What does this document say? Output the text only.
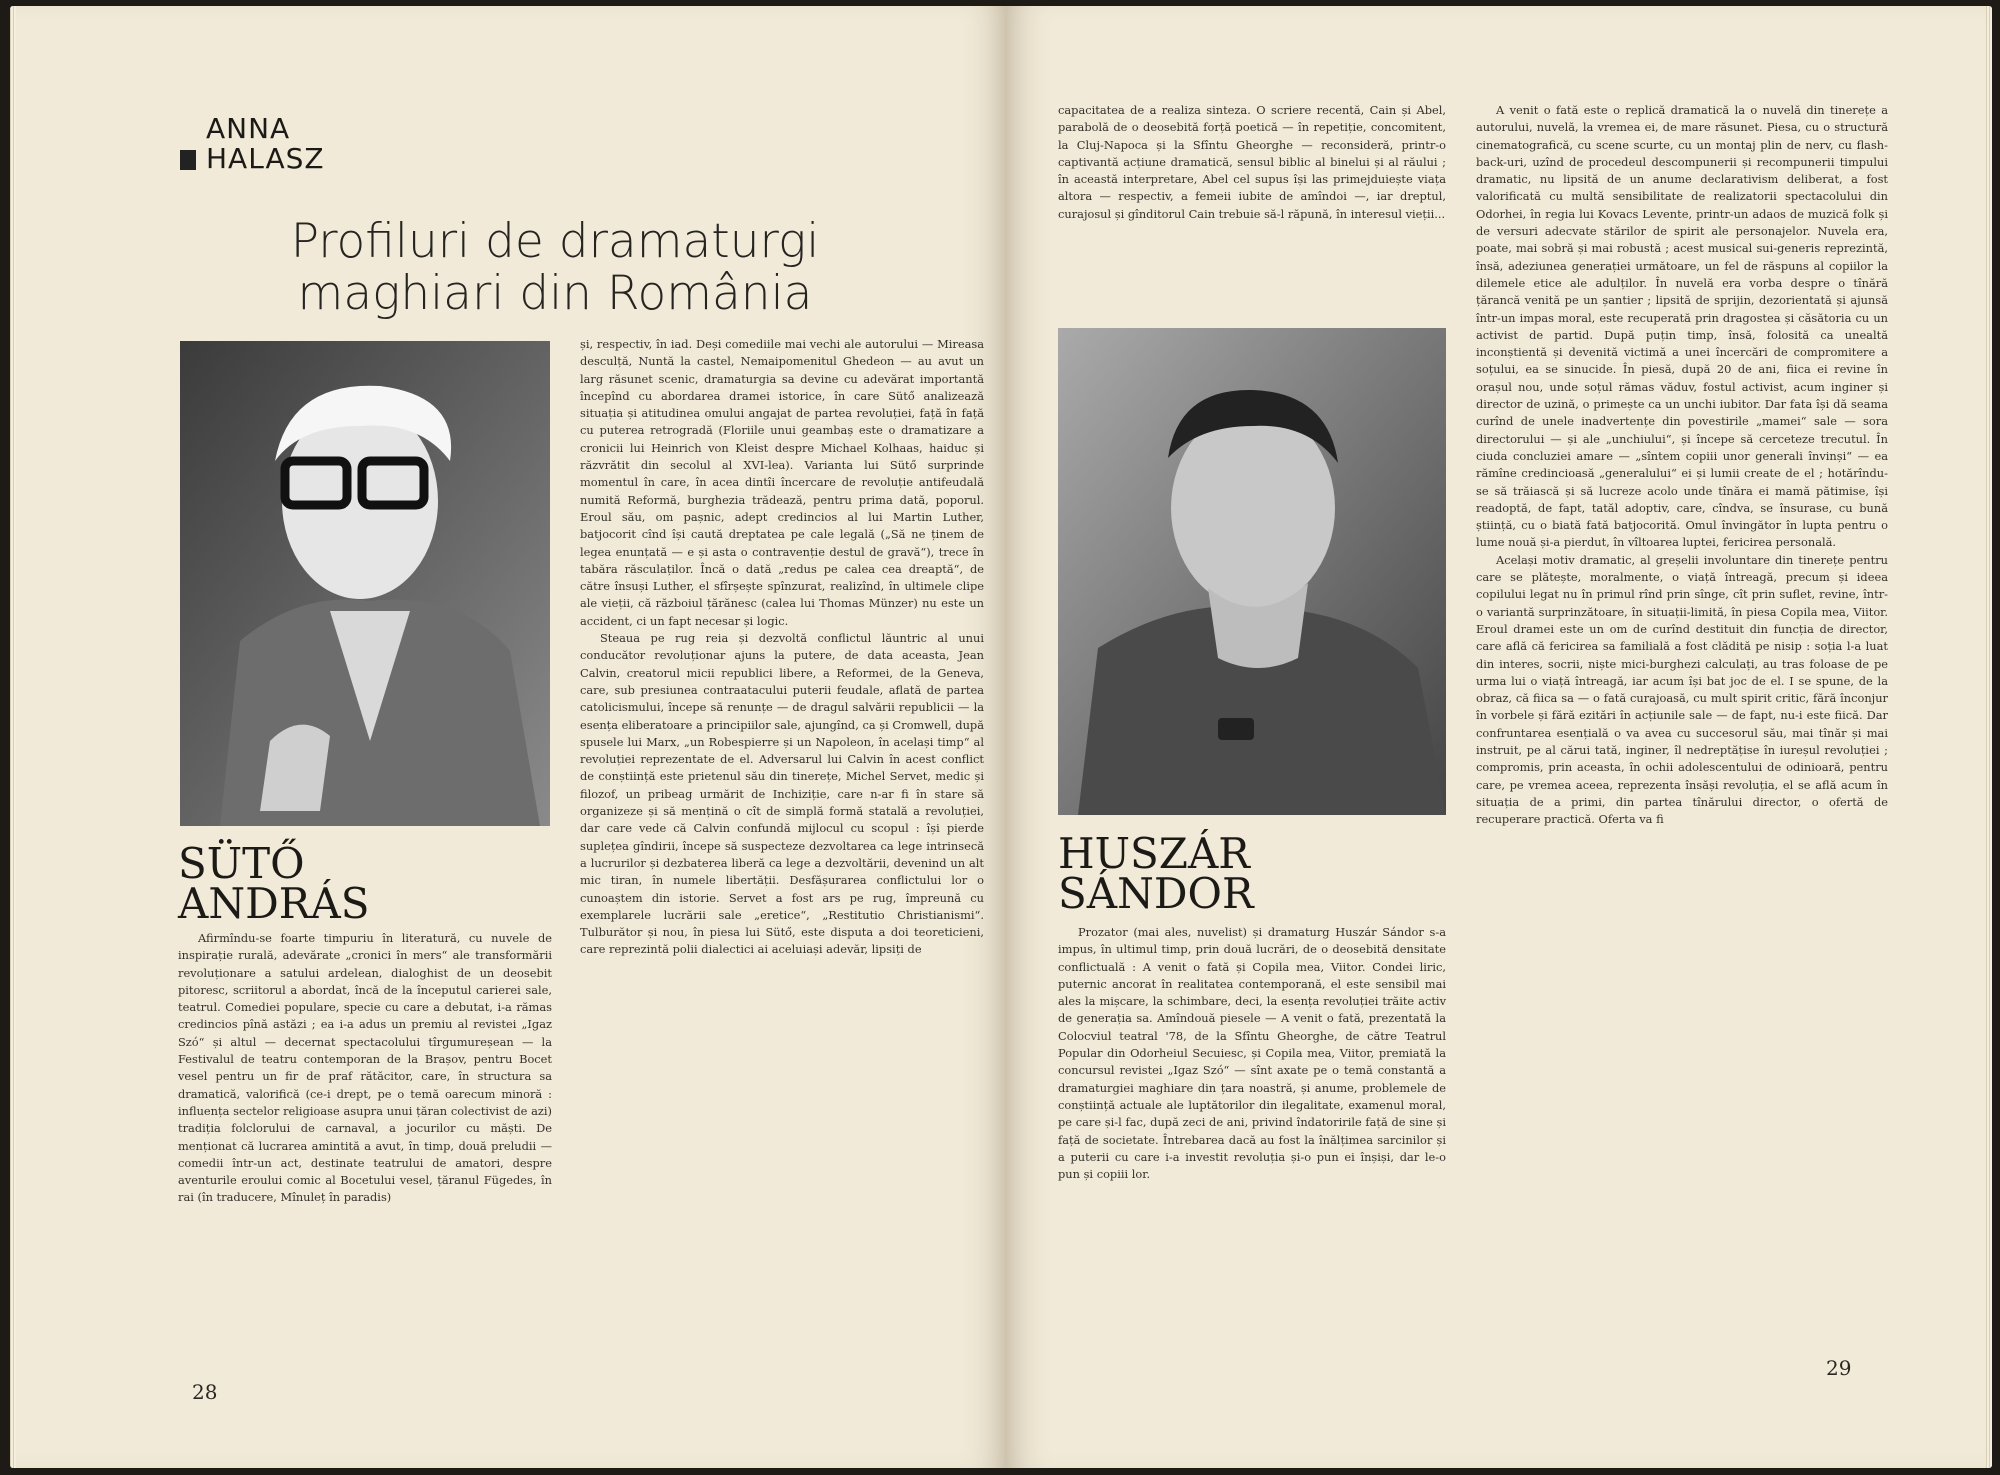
ANNA HALASZ
Profiluri de dramaturgi maghiari din România
SÜTŐ ANDRÁS

Afirmîndu-se foarte timpuriu în literatură, cu nuvele de inspirație rurală, adevărate „cronici în mers“ ale transformării revoluționare a satului ardelean, dialoghist de un deosebit pitoresc, scriitorul a abordat, încă de la începutul carierei sale, teatrul. Comediei populare, specie cu care a debutat, i-a rămas credincios pînă astăzi ; ea i-a adus un premiu al revistei „Igaz Szó“ și altul — decernat spectacolului tîrgumureșean — la Festivalul de teatru contemporan de la Brașov, pentru Bocet vesel pentru un fir de praf rătăcitor, care, în structura sa dramatică, valorifică (ce-i drept, pe o temă oarecum minoră : influența sectelor religioase asupra unui țăran colectivist de azi) tradiția folclorului de carnaval, a jocurilor cu măști. De menționat că lucrarea amintită a avut, în timp, două preludii — comedii într-un act, destinate teatrului de amatori, despre aventurile eroului comic al Bocetului vesel, țăranul Fügedes, în rai (în traducere, Mînuleț în paradis)

și, respectiv, în iad. Deși comediile mai vechi ale autorului — Mireasa desculță, Nuntă la castel, Nemaipomenitul Ghedeon — au avut un larg răsunet scenic, dramaturgia sa devine cu adevărat importantă începînd cu abordarea dramei istorice, în care Sütő analizează situația și atitudinea omului angajat de partea revoluției, față în față cu puterea retrogradă (Floriile unui geambaș este o dramatizare a cronicii lui Heinrich von Kleist despre Michael Kolhaas, haiduc și răzvrătit din secolul al XVI-lea). Varianta lui Sütő surprinde momentul în care, în acea dintîi încercare de revoluție antifeudală numită Reformă, burghezia trădează, pentru prima dată, poporul. Eroul său, om pașnic, adept credincios al lui Martin Luther, batjocorit cînd își caută dreptatea pe cale legală („Să ne ținem de legea enunțată — e și asta o contravenție destul de gravă“), trece în tabăra răsculaților. Încă o dată „redus pe calea cea dreaptă“, de către însuși Luther, el sfîrșește spînzurat, realizînd, în ultimele clipe ale vieții, că războiul țărănesc (calea lui Thomas Münzer) nu este un accident, ci un fapt necesar și logic.

Steaua pe rug reia și dezvoltă conflictul lăuntric al unui conducător revoluționar ajuns la putere, de data aceasta, Jean Calvin, creatorul micii republici libere, a Reformei, de la Geneva, care, sub presiunea contraatacului puterii feudale, aflată de partea catolicismului, începe să renunțe — de dragul salvării republicii — la esența eliberatoare a principiilor sale, ajungînd, ca și Cromwell, după spusele lui Marx, „un Robespierre și un Napoleon, în același timp“ al revoluției reprezentate de el. Adversarul lui Calvin în acest conflict de conștiință este prietenul său din tinerețe, Michel Servet, medic și filozof, un pribeag urmărit de Inchiziție, care n-ar fi în stare să organizeze și să mențină o cît de simplă formă statală a revoluției, dar care vede că Calvin confundă mijlocul cu scopul : își pierde suplețea gîndirii, începe să suspecteze dezvoltarea ca lege intrinsecă a lucrurilor și dezbaterea liberă ca lege a dezvoltării, devenind un alt mic tiran, în numele libertății. Desfășurarea conflictului lor o cunoaștem din istorie. Servet a fost ars pe rug, împreună cu exemplarele lucrării sale „eretice“, „Restitutio Christianismi“. Tulburător și nou, în piesa lui Sütő, este disputa a doi teoreticieni, care reprezintă polii dialectici ai aceluiași adevăr, lipsiți de

28

capacitatea de a realiza sinteza. O scriere recentă, Cain și Abel, parabolă de o deosebită forță poetică — în repetiție, concomitent, la Cluj-Napoca și la Sfîntu Gheorghe — reconsideră, printr-o captivantă acțiune dramatică, sensul biblic al binelui și al răului ; în această interpretare, Abel cel supus își las primejduiește viața altora — respectiv, a femeii iubite de amîndoi —, iar dreptul, curajosul și gînditorul Cain trebuie să-l răpună, în interesul vieții...

HUSZÁR SÁNDOR

Prozator (mai ales, nuvelist) și dramaturg Huszár Sándor s-a impus, în ultimul timp, prin două lucrări, de o deosebită densitate conflictuală : A venit o fată și Copila mea, Viitor. Condei liric, puternic ancorat în realitatea contemporană, el este sensibil mai ales la mișcare, la schimbare, deci, la esența revoluției trăite activ de generația sa. Amîndouă piesele — A venit o fată, prezentată la Colocviul teatral '78, de la Sfîntu Gheorghe, de către Teatrul Popular din Odorheiul Secuiesc, și Copila mea, Viitor, premiată la concursul revistei „Igaz Szó“ — sînt axate pe o temă constantă a dramaturgiei maghiare din țara noastră, și anume, problemele de conștiință actuale ale luptătorilor din ilegalitate, examenul moral, pe care și-l fac, după zeci de ani, privind îndatoririle față de sine și față de societate. Întrebarea dacă au fost la înălțimea sarcinilor și a puterii cu care i-a investit revoluția și-o pun ei înșiși, dar le-o pun și copiii lor.

A venit o fată este o replică dramatică la o nuvelă din tinerețe a autorului, nuvelă, la vremea ei, de mare răsunet. Piesa, cu o structură cinematografică, cu scene scurte, cu un montaj plin de nerv, cu flash-back-uri, uzînd de procedeul descompunerii și recompunerii timpului dramatic, nu lipsită de un anume declarativism deliberat, a fost valorificată cu multă sensibilitate de realizatorii spectacolului din Odorhei, în regia lui Kovacs Levente, printr-un adaos de muzică folk și de versuri adecvate stărilor de spirit ale personajelor. Nuvela era, poate, mai sobră și mai robustă ; acest musical sui-generis reprezintă, însă, adeziunea generației următoare, un fel de răspuns al copiilor la dilemele etice ale adulților. În nuvelă era vorba despre o tînără țărancă venită pe un șantier ; lipsită de sprijin, dezorientată și ajunsă într-un impas moral, este recuperată prin dragostea și căsătoria cu un activist de partid. După puțin timp, însă, folosită ca unealtă inconștientă și devenită victimă a unei încercări de compromitere a soțului, ea se sinucide. În piesă, după 20 de ani, fiica ei revine în orașul nou, unde soțul rămas văduv, fostul activist, acum inginer și director de uzină, o primește ca un unchi iubitor. Dar fata își dă seama curînd de unele inadvertențe din povestirile „mamei“ sale — sora directorului — și ale „unchiului“, și începe să cerceteze trecutul. În ciuda concluziei amare — „sîntem copiii unor generali învinși“ — ea rămîne credincioasă „generalului“ ei și lumii create de el ; hotărîndu-se să trăiască și să lucreze acolo unde tînăra ei mamă pătimise, își readoptă, de fapt, tatăl adoptiv, care, cîndva, se însurase, cu bună știință, cu o biată fată batjocorită. Omul învingător în lupta pentru o lume nouă și-a pierdut, în vîltoarea luptei, fericirea personală.

Același motiv dramatic, al greșelii involuntare din tinerețe pentru care se plătește, moralmente, o viață întreagă, precum și ideea copilului legat nu în primul rînd prin sînge, cît prin suflet, revine, într-o variantă surprinzătoare, în situații-limită, în piesa Copila mea, Viitor. Eroul dramei este un om de curînd destituit din funcția de director, care află că fericirea sa familială a fost clădită pe nisip : soția l-a luat din interes, socrii, niște mici-burghezi calculați, au tras foloase de pe urma lui o viață întreagă, iar acum își bat joc de el. I se spune, de la obraz, că fiica sa — o fată curajoasă, cu mult spirit critic, fără înconjur în vorbele și fără ezitări în acțiunile sale — de fapt, nu-i este fiică. Dar confruntarea esențială o va avea cu succesorul său, mai tînăr și mai instruit, pe al cărui tată, inginer, îl nedreptățise în iureșul revoluției ; compromis, prin aceasta, în ochii adolescentului de odinioară, pentru care, pe vremea aceea, reprezenta însăși revoluția, el se află acum în situația de a primi, din partea tînărului director, o ofertă de recuperare practică. Oferta va fi

29
